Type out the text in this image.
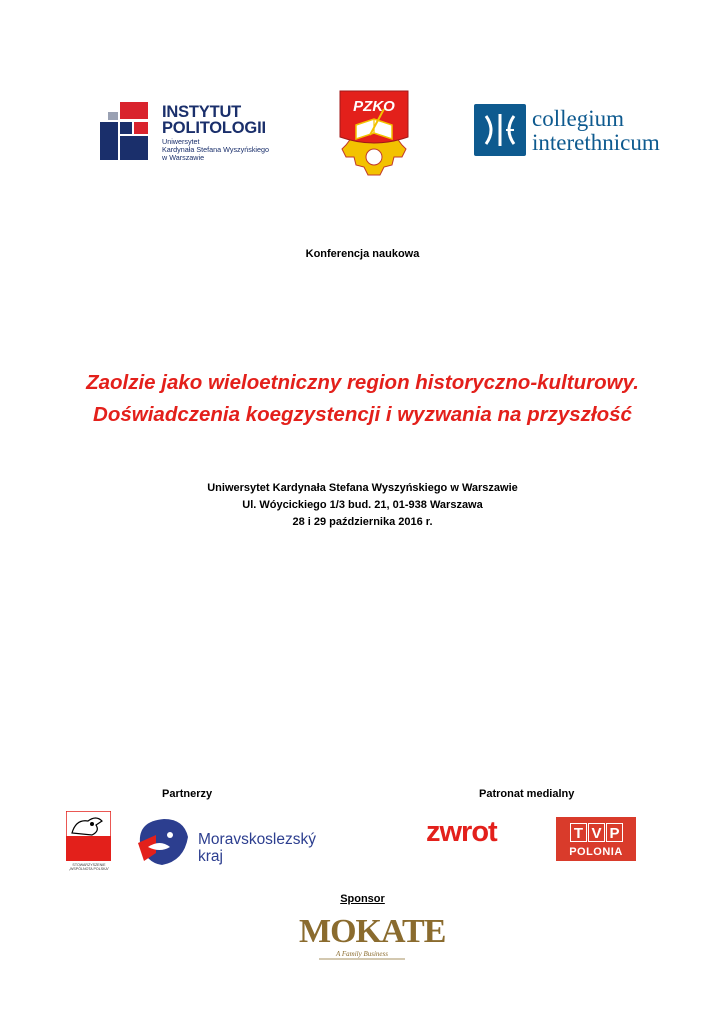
INSTYTUT
POLITOLOGII
Uniwersytet
Kardynała Stefana Wyszyńskiego
w Warszawie
PZKO	collegium
interethnicum
Konferencja naukowa
Zaolzie jako wieloetniczny region historyczno-kulturowy.
Doświadczenia koegzystencji i wyzwania na przyszłość
Uniwersytet Kardynała Stefana Wyszyńskiego w Warszawie
Ul. Wóycickiego 1/3 bud. 21, 01-938 Warszawa
28 i 29 października 2016 r.
Partnerzy	Patronat medialny
STOWARZYSZENIE
„WSPÓLNOTA POLSKA"
Moravskoslezský
kraj
zwrot	T V P
POLONIA
Sponsor
MOKATE
A Family Business
